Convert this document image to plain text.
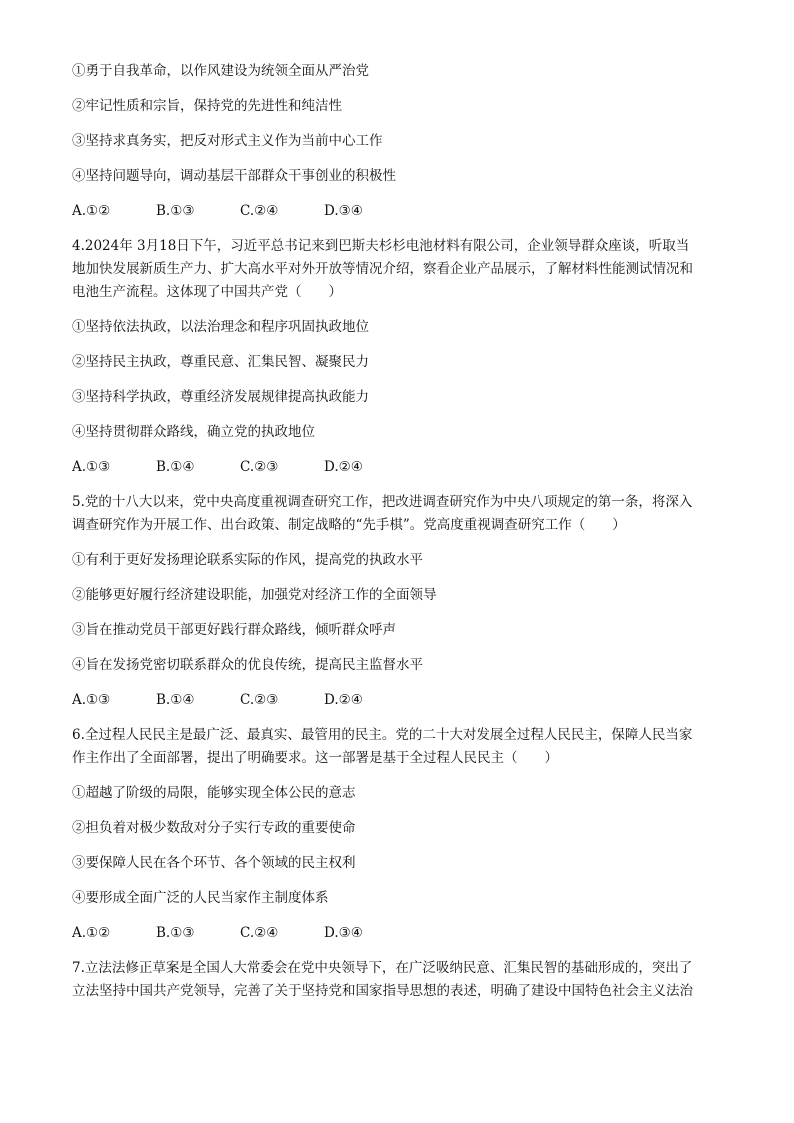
①勇于自我革命，以作风建设为统领全面从严治党
②牢记性质和宗旨，保持党的先进性和纯洁性
③坚持求真务实，把反对形式主义作为当前中心工作
④坚持问题导向，调动基层干部群众干事创业的积极性
A.①②	B.①③	C.②④	D.③④
4.2024年 3月18日下午，习近平总书记来到巴斯夫杉杉电池材料有限公司，企业领导群众座谈，听取当
地加快发展新质生产力、扩大高水平对外开放等情况介绍，察看企业产品展示，了解材料性能测试情况和
电池生产流程。这体现了中国共产党（　　）
①坚持依法执政，以法治理念和程序巩固执政地位
②坚持民主执政，尊重民意、汇集民智、凝聚民力
③坚持科学执政，尊重经济发展规律提高执政能力
④坚持贯彻群众路线，确立党的执政地位
A.①③	B.①④	C.②③	D.②④
5.党的十八大以来，党中央高度重视调查研究工作，把改进调查研究作为中央八项规定的第一条，将深入
调查研究作为开展工作、出台政策、制定战略的“先手棋”。党高度重视调查研究工作（　　）
①有利于更好发扬理论联系实际的作风，提高党的执政水平
②能够更好履行经济建设职能，加强党对经济工作的全面领导
③旨在推动党员干部更好践行群众路线，倾听群众呼声
④旨在发扬党密切联系群众的优良传统，提高民主监督水平
A.①③	B.①④	C.②③	D.②④
6.全过程人民民主是最广泛、最真实、最管用的民主。党的二十大对发展全过程人民民主，保障人民当家
作主作出了全面部署，提出了明确要求。这一部署是基于全过程人民民主（　　）
①超越了阶级的局限，能够实现全体公民的意志
②担负着对极少数敌对分子实行专政的重要使命
③要保障人民在各个环节、各个领域的民主权利
④要形成全面广泛的人民当家作主制度体系
A.①②	B.①③	C.②④	D.③④
7.立法法修正草案是全国人大常委会在党中央领导下，在广泛吸纳民意、汇集民智的基础形成的，突出了
立法坚持中国共产党领导，完善了关于坚持党和国家指导思想的表述，明确了建设中国特色社会主义法治
